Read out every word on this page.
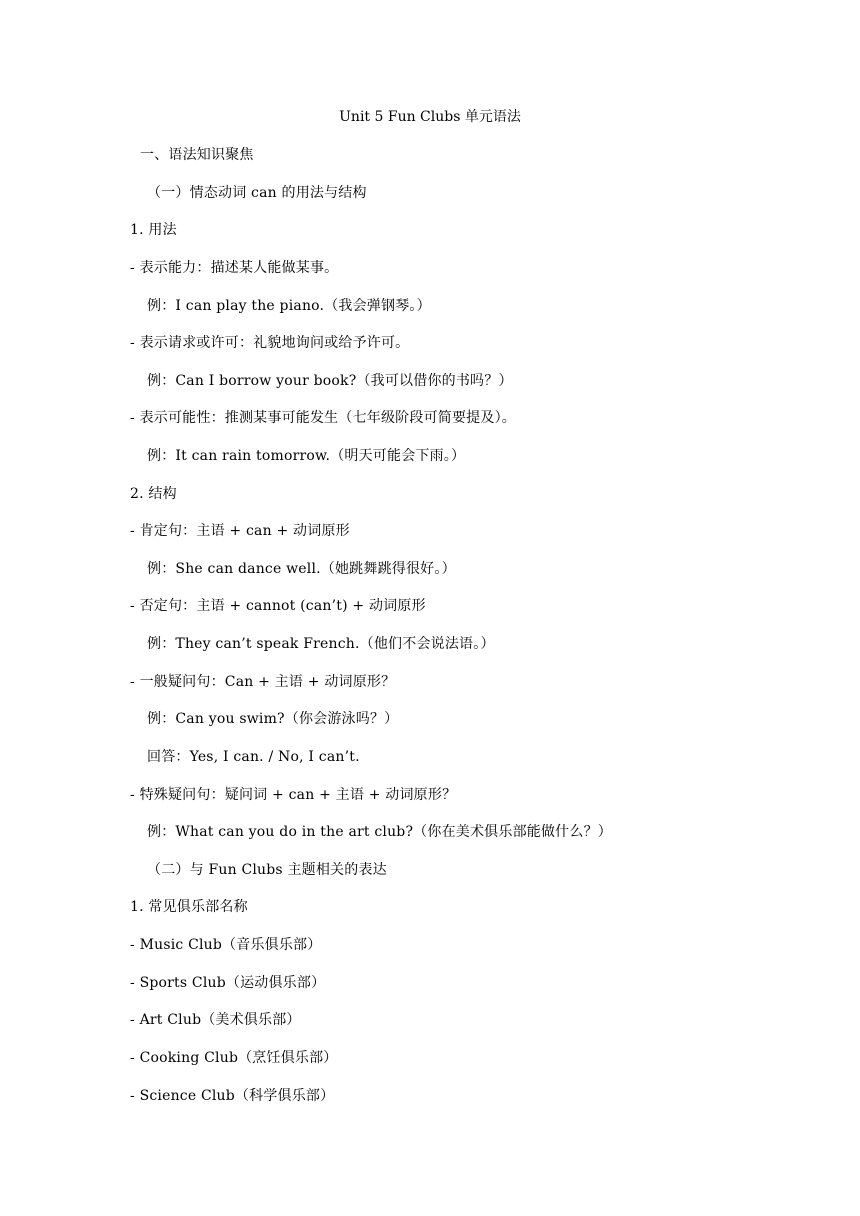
Unit 5 Fun Clubs 单元语法
一、语法知识聚焦
（一）情态动词 can 的用法与结构
1. 用法
- 表示能力：描述某人能做某事。
例：I can play the piano.（我会弹钢琴。）
- 表示请求或许可：礼貌地询问或给予许可。
例：Can I borrow your book?（我可以借你的书吗？）
- 表示可能性：推测某事可能发生（七年级阶段可简要提及）。
例：It can rain tomorrow.（明天可能会下雨。）
2. 结构
- 肯定句：主语 + can + 动词原形
例：She can dance well.（她跳舞跳得很好。）
- 否定句：主语 + cannot (can’t) + 动词原形
例：They can’t speak French.（他们不会说法语。）
- 一般疑问句：Can + 主语 + 动词原形？
例：Can you swim?（你会游泳吗？）
回答：Yes, I can. / No, I can’t.
- 特殊疑问句：疑问词 + can + 主语 + 动词原形？
例：What can you do in the art club?（你在美术俱乐部能做什么？）
（二）与 Fun Clubs 主题相关的表达
1. 常见俱乐部名称
- Music Club（音乐俱乐部）
- Sports Club（运动俱乐部）
- Art Club（美术俱乐部）
- Cooking Club（烹饪俱乐部）
- Science Club（科学俱乐部）
